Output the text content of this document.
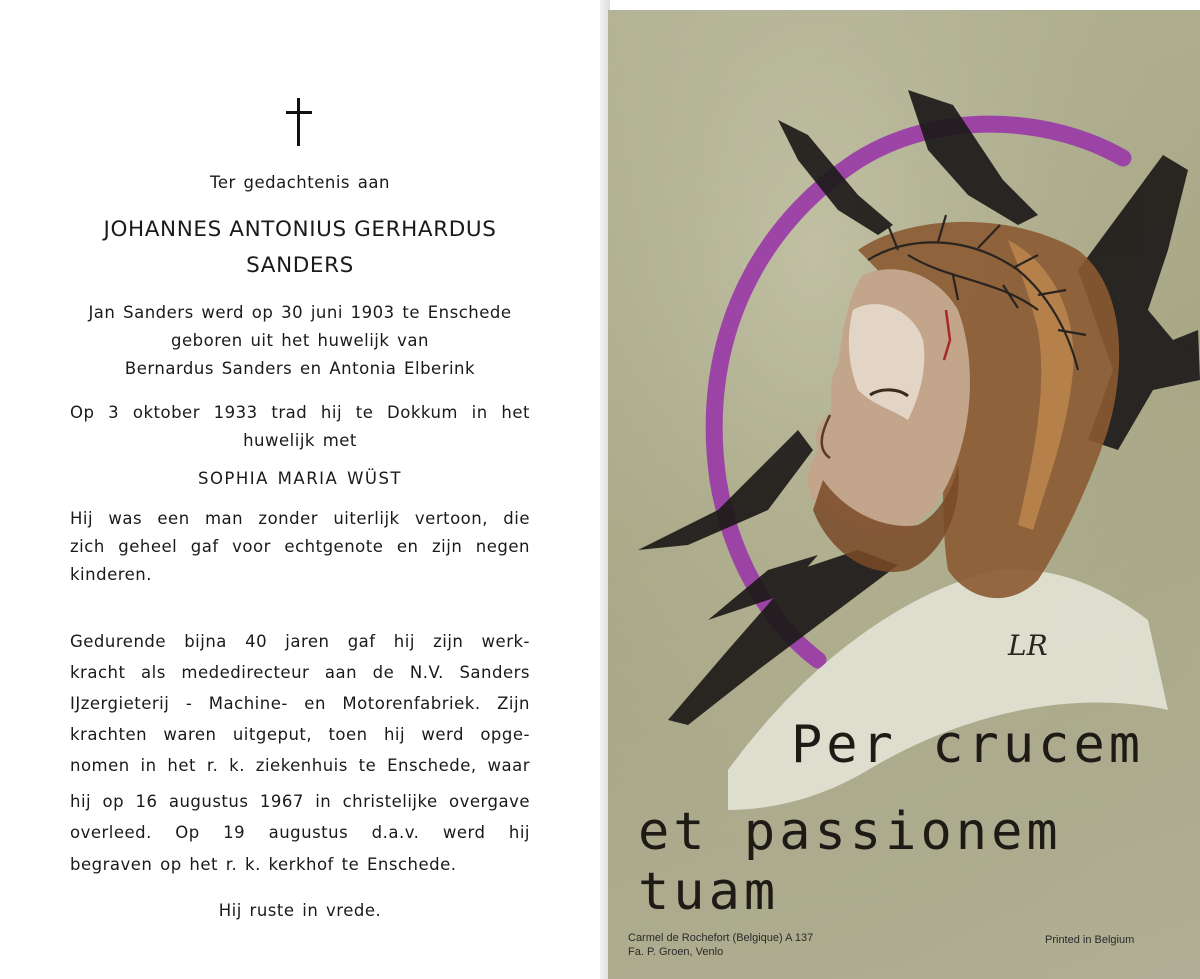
Ter gedachtenis aan
JOHANNES ANTONIUS GERHARDUS
SANDERS
Jan Sanders werd op 30 juni 1903 te Enschede
geboren uit het huwelijk van
Bernardus Sanders en Antonia Elberink
Op 3 oktober 1933 trad hij te Dokkum in het
huwelijk met
SOPHIA MARIA WÜST
Hij was een man zonder uiterlijk vertoon, die
zich geheel gaf voor echtgenote en zijn negen
kinderen.
Gedurende bijna 40 jaren gaf hij zijn werk-
kracht als mededirecteur aan de N.V. Sanders
IJzergieterij - Machine- en Motorenfabriek. Zijn
krachten waren uitgeput, toen hij werd opge-
nomen in het r. k. ziekenhuis te Enschede, waar
hij op 16 augustus 1967 in christelijke overgave
overleed. Op 19 augustus d.a.v. werd hij
begraven op het r. k. kerkhof te Enschede.
Hij ruste in vrede.
LR
Per crucem
et passionem tuam
Carmel de Rochefort (Belgique) A 137
Fa. P. Groen, Venlo
Printed in Belgium
